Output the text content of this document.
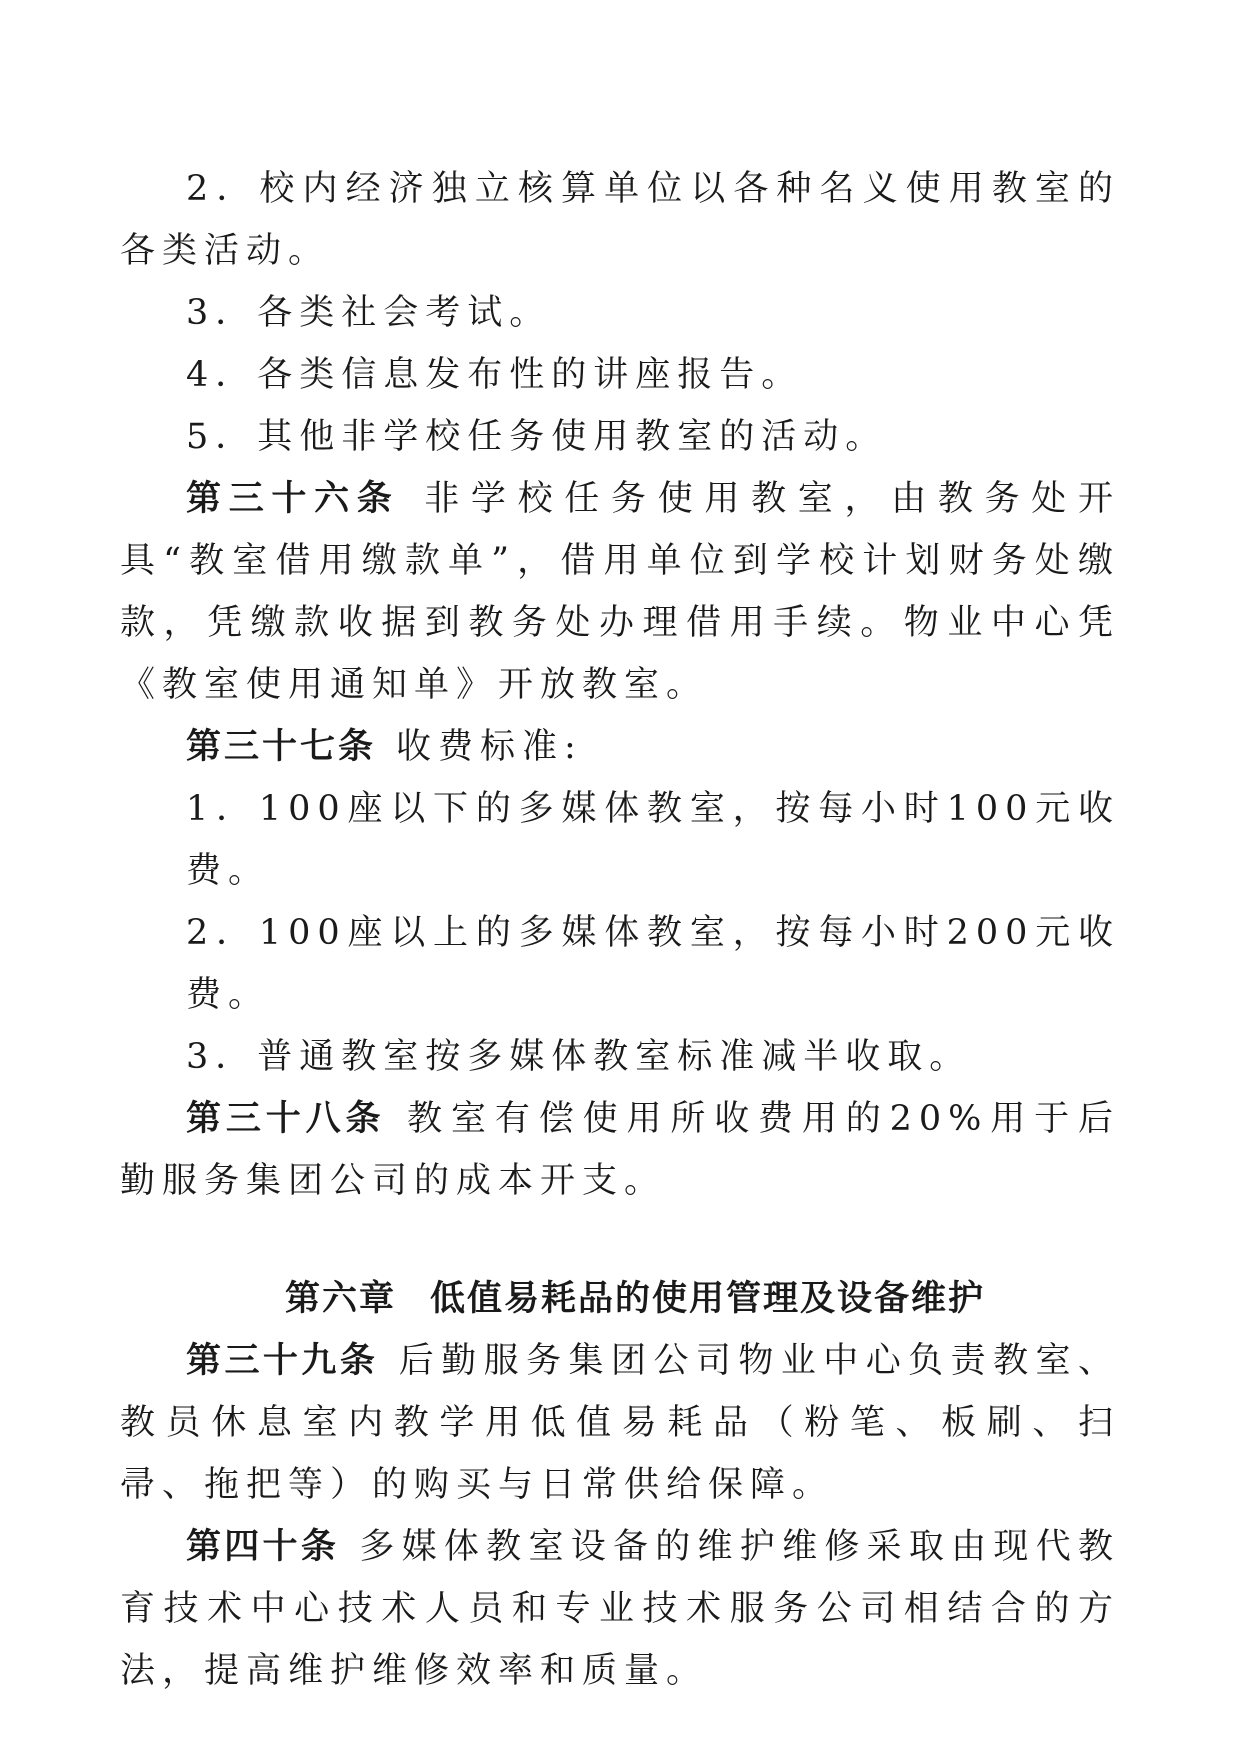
2．校内经济独立核算单位以各种名义使用教室的各类活动。

3．各类社会考试。

4．各类信息发布性的讲座报告。

5．其他非学校任务使用教室的活动。

第三十六条 非学校任务使用教室，由教务处开具“教室借用缴款单”，借用单位到学校计划财务处缴款，凭缴款收据到教务处办理借用手续。物业中心凭《教室使用通知单》开放教室。

第三十七条 收费标准:

1．100座以下的多媒体教室，按每小时100元收费。

2．100座以上的多媒体教室，按每小时200元收费。

3．普通教室按多媒体教室标准减半收取。

第三十八条 教室有偿使用所收费用的20%用于后勤服务集团公司的成本开支。

第六章 低值易耗品的使用管理及设备维护

第三十九条 后勤服务集团公司物业中心负责教室、教员休息室内教学用低值易耗品（粉笔、板刷、扫帚、拖把等）的购买与日常供给保障。

第四十条 多媒体教室设备的维护维修采取由现代教育技术中心技术人员和专业技术服务公司相结合的方法，提高维护维修效率和质量。
